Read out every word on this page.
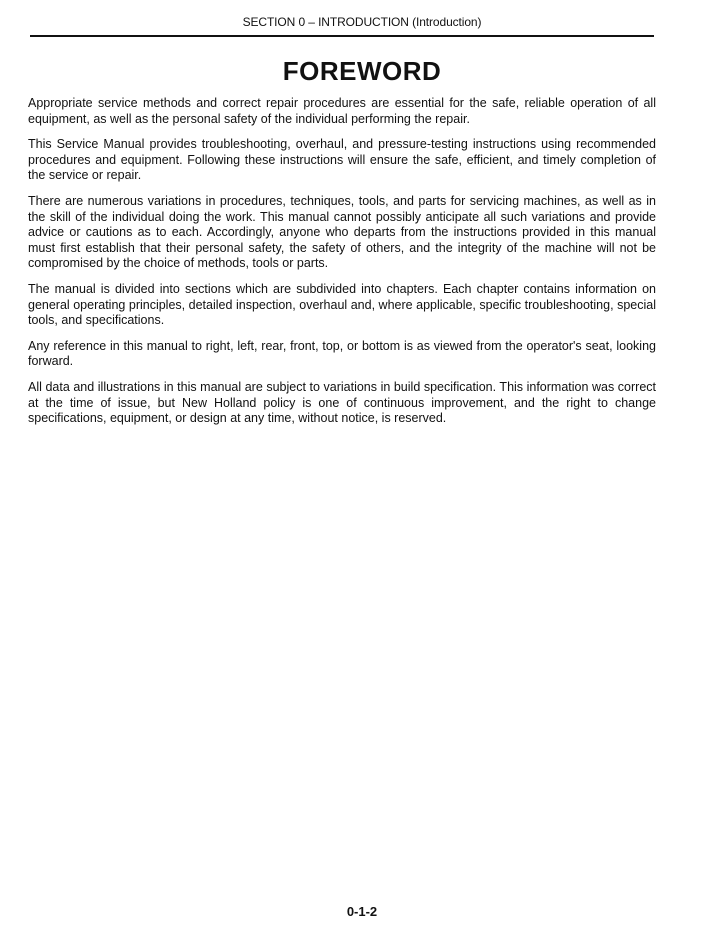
SECTION 0 – INTRODUCTION (Introduction)
FOREWORD

Appropriate service methods and correct repair procedures are essential for the safe, reliable operation of all equipment, as well as the personal safety of the individual performing the repair.

This Service Manual provides troubleshooting, overhaul, and pressure-testing instructions using recommended procedures and equipment. Following these instructions will ensure the safe, efficient, and timely completion of the service or repair.

There are numerous variations in procedures, techniques, tools, and parts for servicing machines, as well as in the skill of the individual doing the work. This manual cannot possibly anticipate all such variations and provide advice or cautions as to each. Accordingly, anyone who departs from the instructions provided in this manual must first establish that their personal safety, the safety of others, and the integrity of the machine will not be compromised by the choice of methods, tools or parts.

The manual is divided into sections which are subdivided into chapters. Each chapter contains information on general operating principles, detailed inspection, overhaul and, where applicable, specific troubleshooting, special tools, and specifications.

Any reference in this manual to right, left, rear, front, top, or bottom is as viewed from the operator's seat, looking forward.

All data and illustrations in this manual are subject to variations in build specification. This information was correct at the time of issue, but New Holland policy is one of continuous improvement, and the right to change specifications, equipment, or design at any time, without notice, is reserved.

0-1-2
